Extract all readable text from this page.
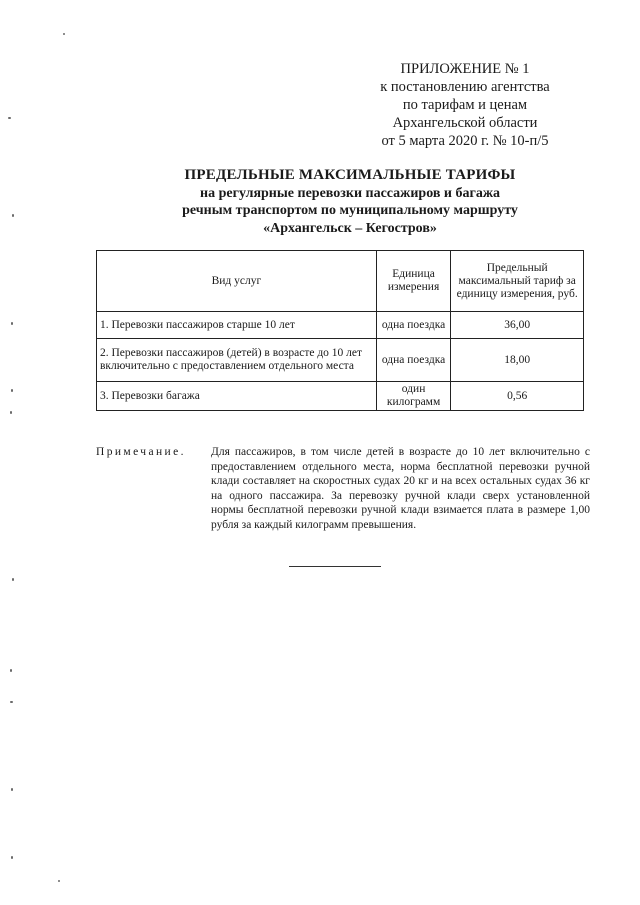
ПРИЛОЖЕНИЕ № 1
к постановлению агентства
по тарифам и ценам
Архангельской области
от 5 марта 2020 г. № 10-п/5
ПРЕДЕЛЬНЫЕ МАКСИМАЛЬНЫЕ ТАРИФЫ
на регулярные перевозки пассажиров и багажа
речным транспортом по муниципальному маршруту
«Архангельск – Кегостров»
Вид услуг	Единица измерения	Предельный максимальный тариф за единицу измерения, руб.
1. Перевозки пассажиров старше 10 лет	одна поездка	36,00
2. Перевозки пассажиров (детей) в возрасте до 10 лет включительно с предоставлением отдельного места	одна поездка	18,00
3. Перевозки багажа	один килограмм	0,56
Примечание. Для пассажиров, в том числе детей в возрасте до 10 лет включительно с предоставлением отдельного места, норма бесплатной перевозки ручной клади составляет на скоростных судах 20 кг и на всех остальных судах 36 кг на одного пассажира. За перевозку ручной клади сверх установленной нормы бесплатной перевозки ручной клади взимается плата в размере 1,00 рубля за каждый килограмм превышения.
